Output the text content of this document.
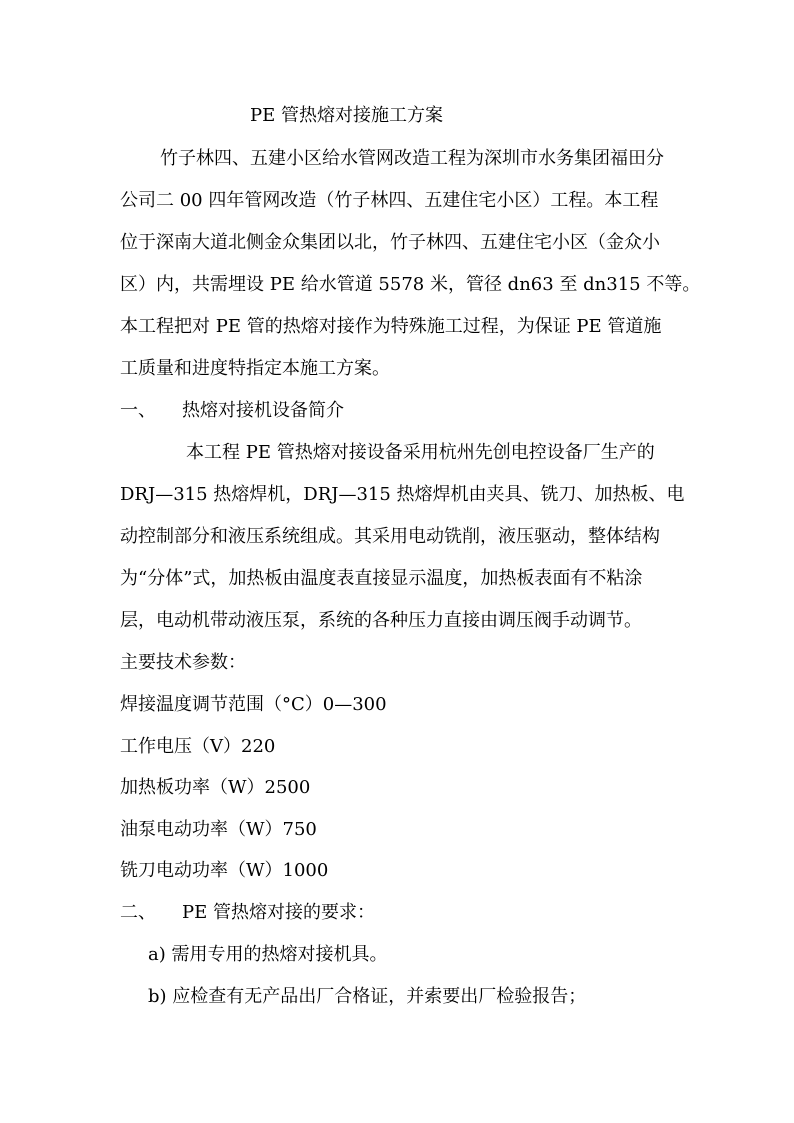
PE 管热熔对接施工方案
竹子林四、五建小区给水管网改造工程为深圳市水务集团福田分
公司二 00 四年管网改造（竹子林四、五建住宅小区）工程。本工程
位于深南大道北侧金众集团以北，竹子林四、五建住宅小区（金众小
区）内，共需埋设 PE 给水管道 5578 米，管径 dn63 至 dn315 不等。
本工程把对 PE 管的热熔对接作为特殊施工过程，为保证 PE 管道施
工质量和进度特指定本施工方案。
一、 热熔对接机设备简介
本工程 PE 管热熔对接设备采用杭州先创电控设备厂生产的
DRJ—315 热熔焊机，DRJ—315 热熔焊机由夹具、铣刀、加热板、电
动控制部分和液压系统组成。其采用电动铣削，液压驱动，整体结构
为“分体”式，加热板由温度表直接显示温度，加热板表面有不粘涂
层，电动机带动液压泵，系统的各种压力直接由调压阀手动调节。
主要技术参数：
焊接温度调节范围（°C）0—300
工作电压（V）220
加热板功率（W）2500
油泵电动功率（W）750
铣刀电动功率（W）1000
二、 PE 管热熔对接的要求：
a) 需用专用的热熔对接机具。
b) 应检查有无产品出厂合格证，并索要出厂检验报告；
